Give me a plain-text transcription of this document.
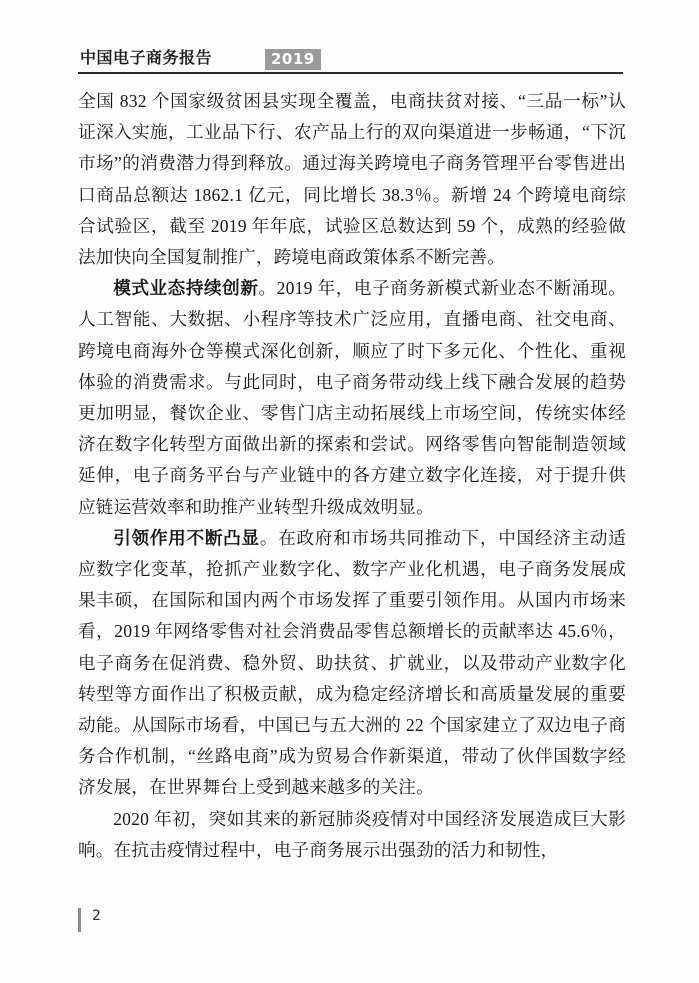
中国电子商务报告	2019

全国 832 个国家级贫困县实现全覆盖，电商扶贫对接、“三品一标”认证深入实施，工业品下行、农产品上行的双向渠道进一步畅通，“下沉市场”的消费潜力得到释放。通过海关跨境电子商务管理平台零售进出口商品总额达 1862.1 亿元，同比增长 38.3％。新增 24 个跨境电商综合试验区，截至 2019 年年底，试验区总数达到 59 个，成熟的经验做法加快向全国复制推广，跨境电商政策体系不断完善。

模式业态持续创新。2019 年，电子商务新模式新业态不断涌现。人工智能、大数据、小程序等技术广泛应用，直播电商、社交电商、跨境电商海外仓等模式深化创新，顺应了时下多元化、个性化、重视体验的消费需求。与此同时，电子商务带动线上线下融合发展的趋势更加明显，餐饮企业、零售门店主动拓展线上市场空间，传统实体经济在数字化转型方面做出新的探索和尝试。网络零售向智能制造领域延伸，电子商务平台与产业链中的各方建立数字化连接，对于提升供应链运营效率和助推产业转型升级成效明显。

引领作用不断凸显。在政府和市场共同推动下，中国经济主动适应数字化变革，抢抓产业数字化、数字产业化机遇，电子商务发展成果丰硕，在国际和国内两个市场发挥了重要引领作用。从国内市场来看，2019 年网络零售对社会消费品零售总额增长的贡献率达 45.6％，电子商务在促消费、稳外贸、助扶贫、扩就业，以及带动产业数字化转型等方面作出了积极贡献，成为稳定经济增长和高质量发展的重要动能。从国际市场看，中国已与五大洲的 22 个国家建立了双边电子商务合作机制，“丝路电商”成为贸易合作新渠道，带动了伙伴国数字经济发展，在世界舞台上受到越来越多的关注。

2020 年初，突如其来的新冠肺炎疫情对中国经济发展造成巨大影响。在抗击疫情过程中，电子商务展示出强劲的活力和韧性，

2
